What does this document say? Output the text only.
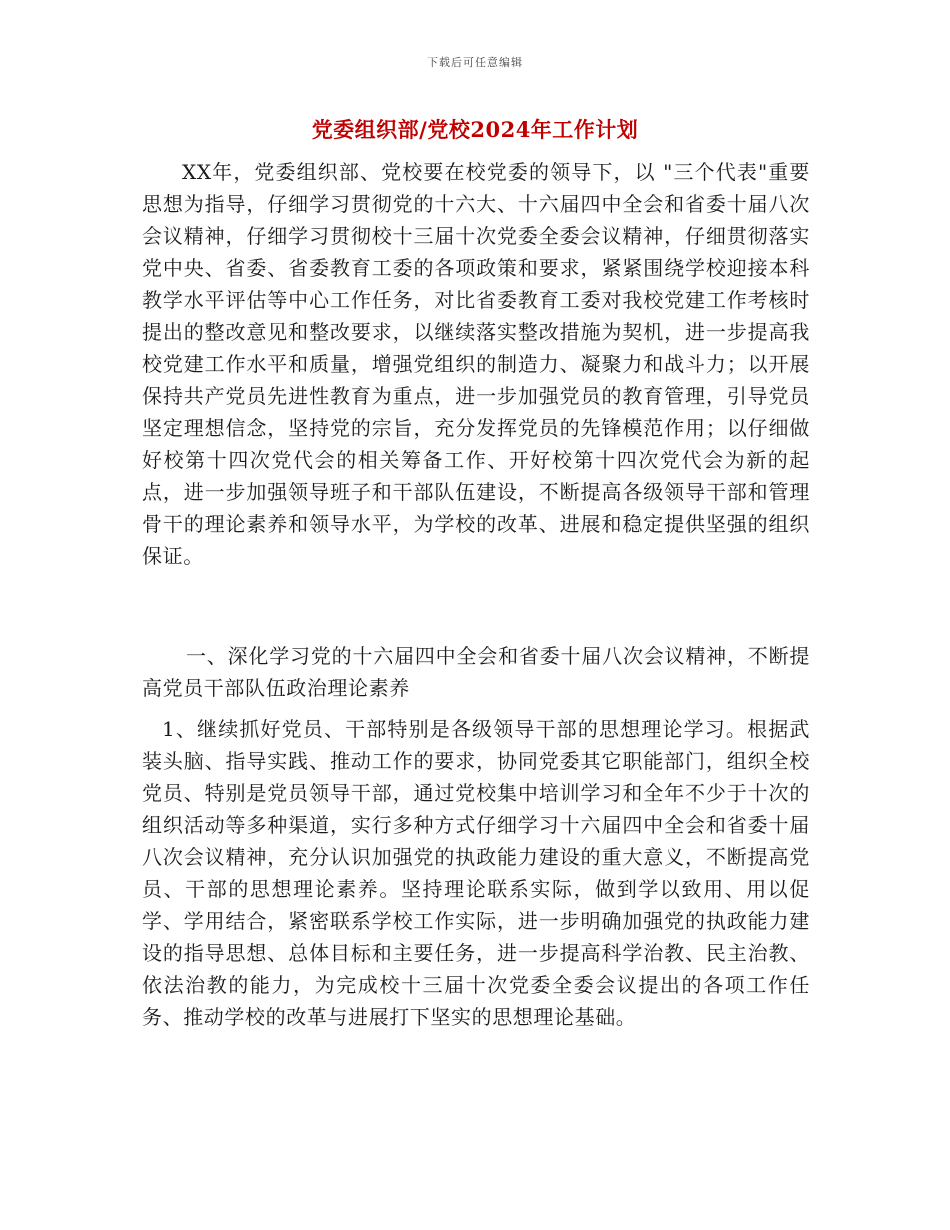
下载后可任意编辑
党委组织部/党校2024年工作计划

XX年，党委组织部、党校要在校党委的领导下，以 "三个代表"重要思想为指导，仔细学习贯彻党的十六大、十六届四中全会和省委十届八次会议精神，仔细学习贯彻校十三届十次党委全委会议精神，仔细贯彻落实党中央、省委、省委教育工委的各项政策和要求，紧紧围绕学校迎接本科教学水平评估等中心工作任务，对比省委教育工委对我校党建工作考核时提出的整改意见和整改要求，以继续落实整改措施为契机，进一步提高我校党建工作水平和质量，增强党组织的制造力、凝聚力和战斗力；以开展保持共产党员先进性教育为重点，进一步加强党员的教育管理，引导党员坚定理想信念，坚持党的宗旨，充分发挥党员的先锋模范作用；以仔细做好校第十四次党代会的相关筹备工作、开好校第十四次党代会为新的起点，进一步加强领导班子和干部队伍建设，不断提高各级领导干部和管理骨干的理论素养和领导水平，为学校的改革、进展和稳定提供坚强的组织保证。

一、深化学习党的十六届四中全会和省委十届八次会议精神，不断提高党员干部队伍政治理论素养

1、继续抓好党员、干部特别是各级领导干部的思想理论学习。根据武装头脑、指导实践、推动工作的要求，协同党委其它职能部门，组织全校党员、特别是党员领导干部，通过党校集中培训学习和全年不少于十次的组织活动等多种渠道，实行多种方式仔细学习十六届四中全会和省委十届八次会议精神，充分认识加强党的执政能力建设的重大意义，不断提高党员、干部的思想理论素养。坚持理论联系实际，做到学以致用、用以促学、学用结合，紧密联系学校工作实际，进一步明确加强党的执政能力建设的指导思想、总体目标和主要任务，进一步提高科学治教、民主治教、依法治教的能力，为完成校十三届十次党委全委会议提出的各项工作任务、推动学校的改革与进展打下坚实的思想理论基础。
